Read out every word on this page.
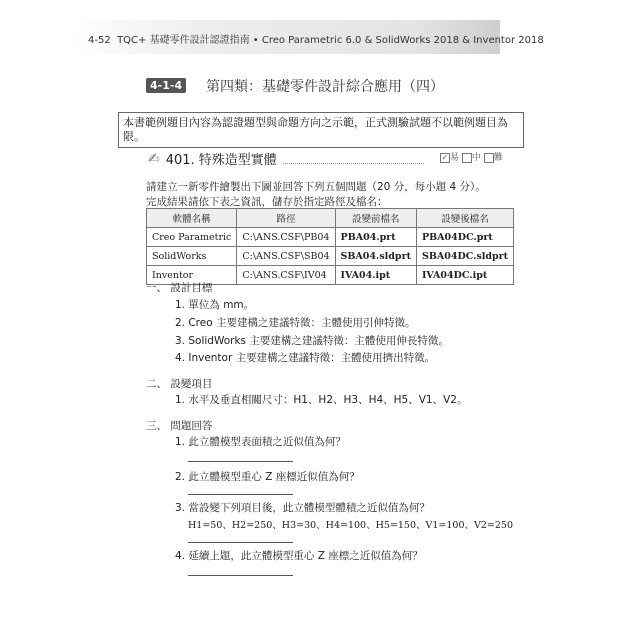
4-52 TQC+ 基礎零件設計認證指南 • Creo Parametric 6.0 & SolidWorks 2018 & Inventor 2018
4-1-4 第四類：基礎零件設計綜合應用（四）
本書範例題目內容為認證題型與命題方向之示範，正式測驗試題不以範例題目為限。
✍ 401. 特殊造型實體	✓ 易 中 難
請建立一新零件繪製出下圖並回答下列五個問題（20 分，每小題 4 分）。
完成結果請依下表之資訊，儲存於指定路徑及檔名：
軟體名稱	路徑	設變前檔名	設變後檔名
Creo Parametric	C:\ANS.CSF\PB04	PBA04.prt	PBA04DC.prt
SolidWorks	C:\ANS.CSF\SB04	SBA04.sldprt	SBA04DC.sldprt
Inventor	C:\ANS.CSF\IV04	IVA04.ipt	IVA04DC.ipt
一、 設計目標
1. 單位為 mm。
2. Creo 主要建構之建議特徵：主體使用引伸特徵。
3. SolidWorks 主要建構之建議特徵：主體使用伸長特徵。
4. Inventor 主要建構之建議特徵：主體使用擠出特徵。
二、 設變項目
1. 水平及垂直相關尺寸：H1、H2、H3、H4、H5、V1、V2。
三、 問題回答
1. 此立體模型表面積之近似值為何？
2. 此立體模型重心 Z 座標近似值為何？
3. 當設變下列項目後，此立體模型體積之近似值為何？
H1=50、H2=250、H3=30、H4=100、H5=150、V1=100、V2=250
4. 延續上題，此立體模型重心 Z 座標之近似值為何？
